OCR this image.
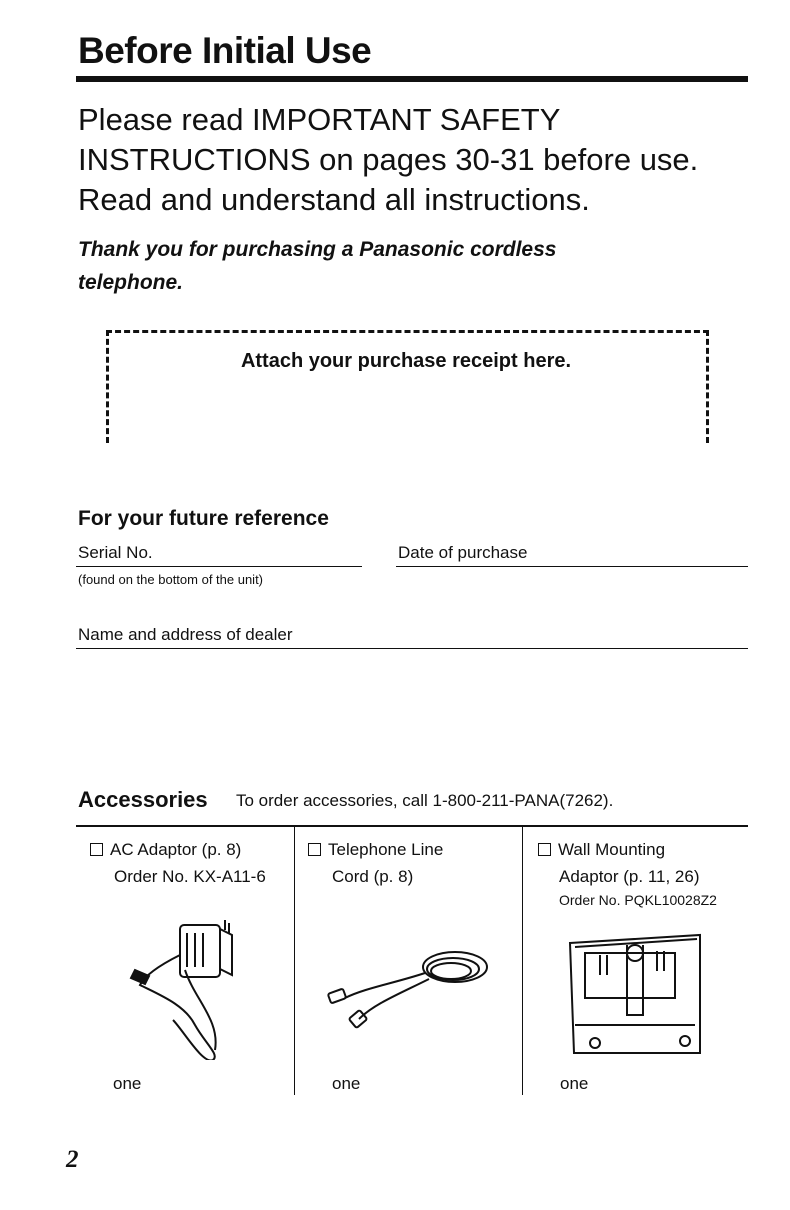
Before Initial Use
Please read IMPORTANT SAFETY
INSTRUCTIONS on pages 30-31 before use.
Read and understand all instructions.
Thank you for purchasing a Panasonic cordless
telephone.
Attach your purchase receipt here.
For your future reference
Serial No.
(found on the bottom of the unit)
Date of purchase
Name and address of dealer
Accessories To order accessories, call 1-800-211-PANA(7262).
AC Adaptor (p. 8)
Order No. KX-A11-6
one
Telephone Line
Cord (p. 8)
one
Wall Mounting
Adaptor (p. 11, 26)
Order No. PQKL10028Z2
one
2
